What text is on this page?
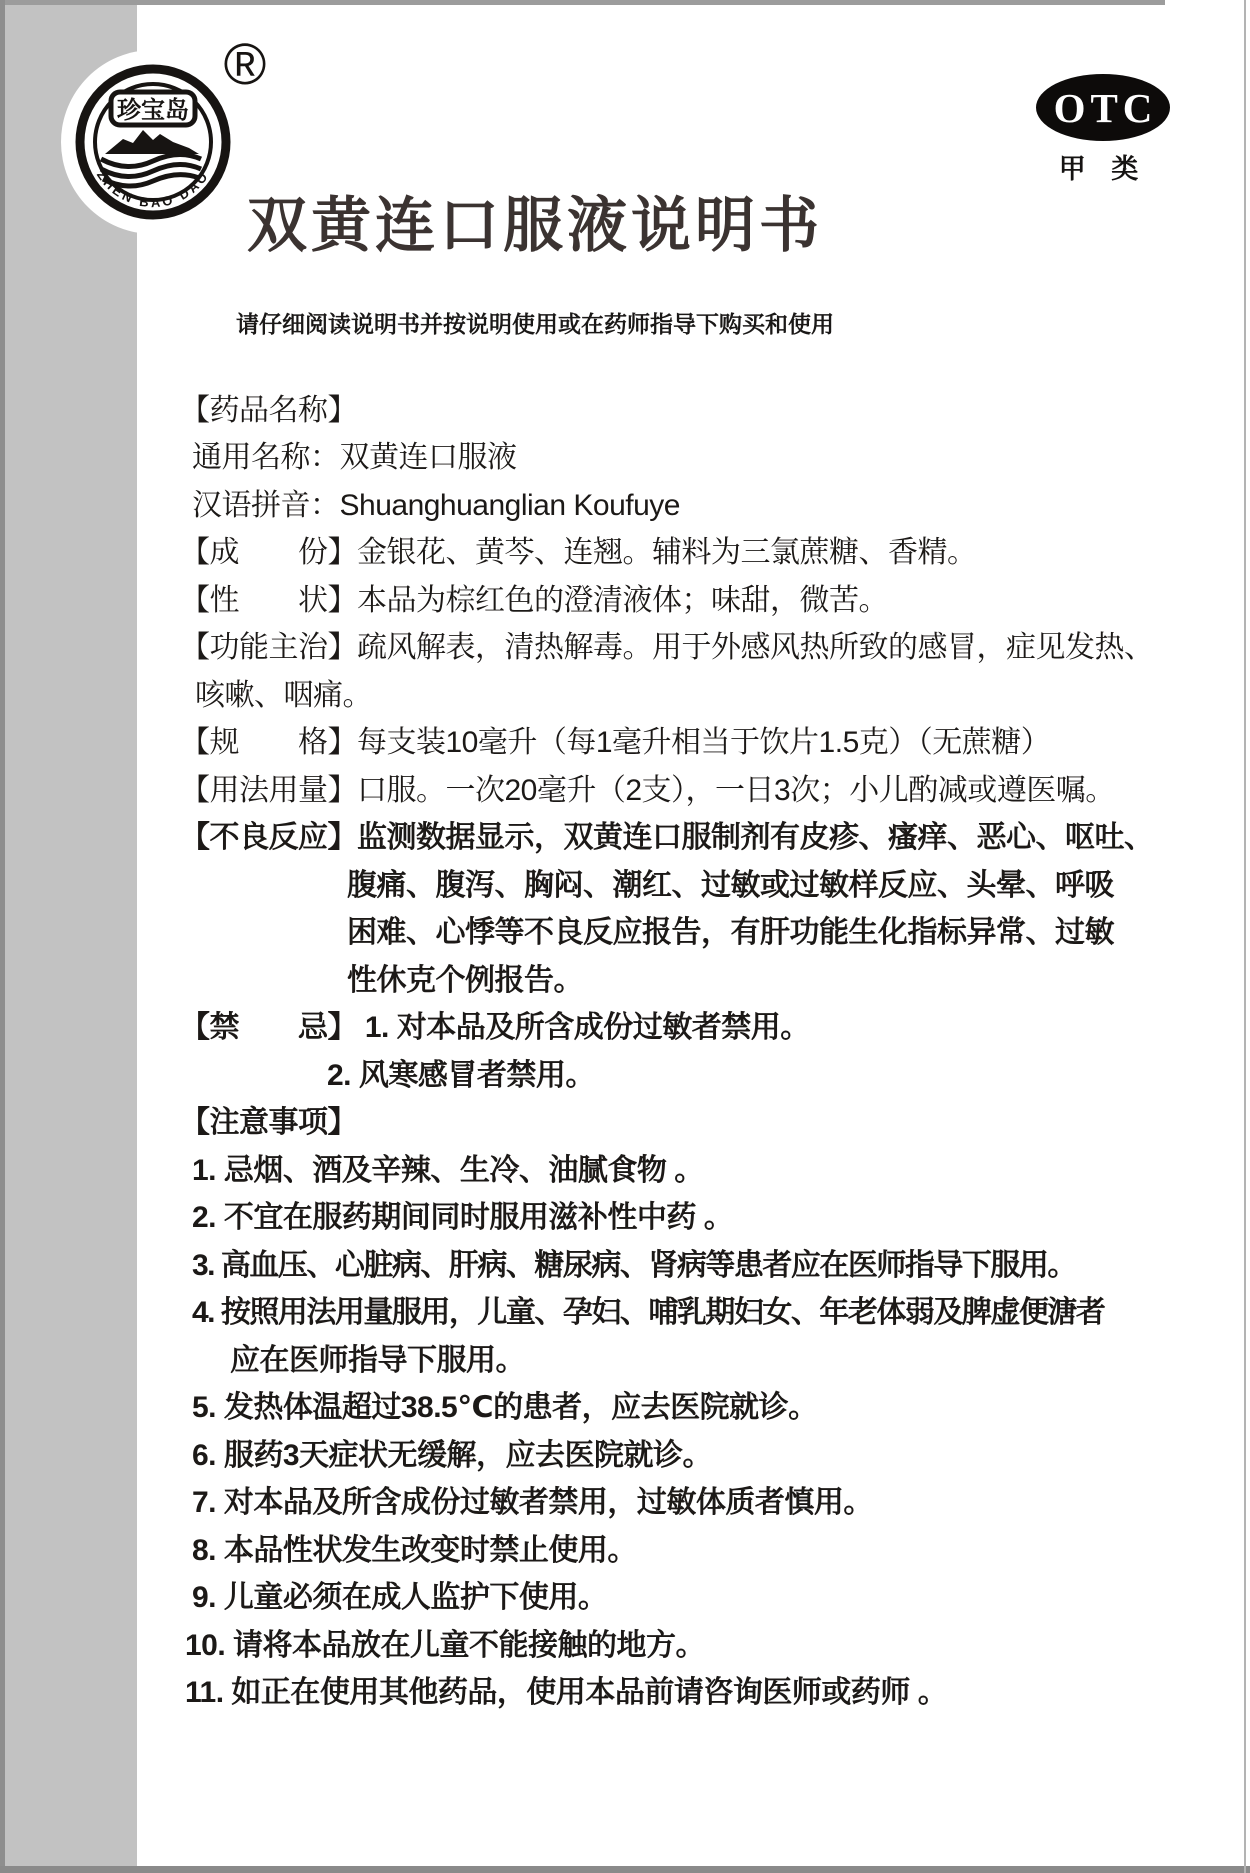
珍宝岛
ZHEN BAO DAO
®
OTC
甲 类
双黄连口服液说明书
请仔细阅读说明书并按说明使用或在药师指导下购买和使用
【药品名称】
通用名称：双黄连口服液
汉语拼音：Shuanghuanglian Koufuye
【成　　份】金银花、黄芩、连翘。辅料为三氯蔗糖、香精。
【性　　状】本品为棕红色的澄清液体；味甜，微苦。
【功能主治】疏风解表，清热解毒。用于外感风热所致的感冒，症见发热、
咳嗽、咽痛。
【规　　格】每支装10毫升（每1毫升相当于饮片1.5克）（无蔗糖）
【用法用量】口服。一次20毫升（2支），一日3次；小儿酌减或遵医嘱。
【不良反应】监测数据显示，双黄连口服制剂有皮疹、瘙痒、恶心、呕吐、
腹痛、腹泻、胸闷、潮红、过敏或过敏样反应、头晕、呼吸
困难、心悸等不良反应报告，有肝功能生化指标异常、过敏
性休克个例报告。
【禁　　忌】 1. 对本品及所含成份过敏者禁用。
2. 风寒感冒者禁用。
【注意事项】
1. 忌烟、酒及辛辣、生冷、油腻食物 。
2. 不宜在服药期间同时服用滋补性中药 。
3. 高血压、心脏病、肝病、糖尿病、肾病等患者应在医师指导下服用。
4. 按照用法用量服用，儿童、孕妇、哺乳期妇女、年老体弱及脾虚便溏者
应在医师指导下服用。
5. 发热体温超过38.5℃的患者，应去医院就诊。
6. 服药3天症状无缓解，应去医院就诊。
7. 对本品及所含成份过敏者禁用，过敏体质者慎用。
8. 本品性状发生改变时禁止使用。
9. 儿童必须在成人监护下使用。
10. 请将本品放在儿童不能接触的地方。
11. 如正在使用其他药品，使用本品前请咨询医师或药师 。
